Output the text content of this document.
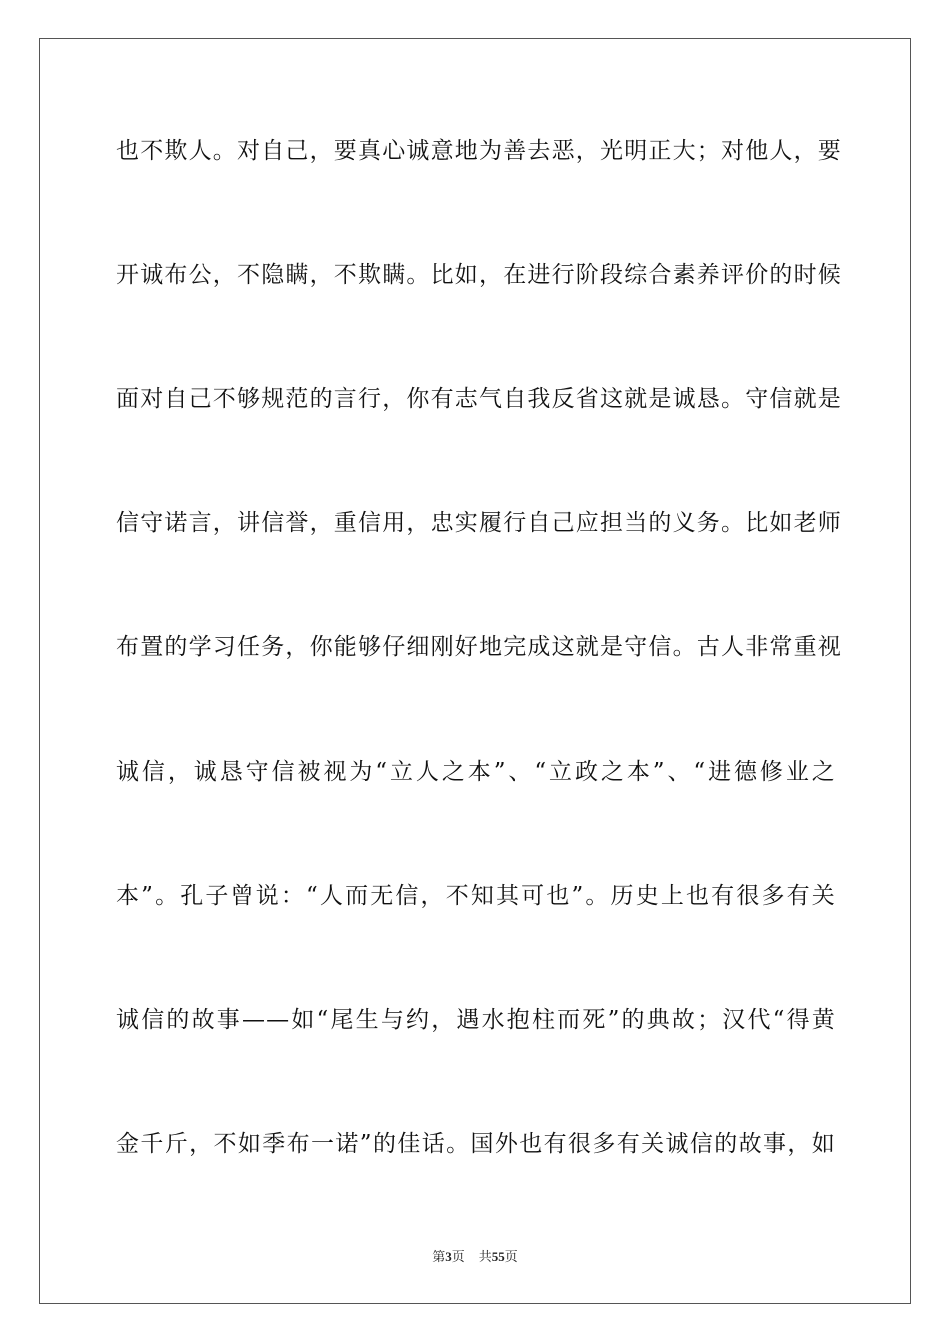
也不欺人。对自己，要真心诚意地为善去恶，光明正大；对他人，要
开诚布公，不隐瞒，不欺瞒。比如，在进行阶段综合素养评价的时候
面对自己不够规范的言行，你有志气自我反省这就是诚恳。守信就是
信守诺言，讲信誉，重信用，忠实履行自己应担当的义务。比如老师
布置的学习任务，你能够仔细刚好地完成这就是守信。古人非常重视
诚信，诚恳守信被视为“立人之本”、“立政之本”、“进德修业之
本”。孔子曾说：“人而无信，不知其可也”。历史上也有很多有关
诚信的故事——如“尾生与约，遇水抱柱而死”的典故；汉代“得黄
金千斤，不如季布一诺”的佳话。国外也有很多有关诚信的故事，如
第3页 共55页
